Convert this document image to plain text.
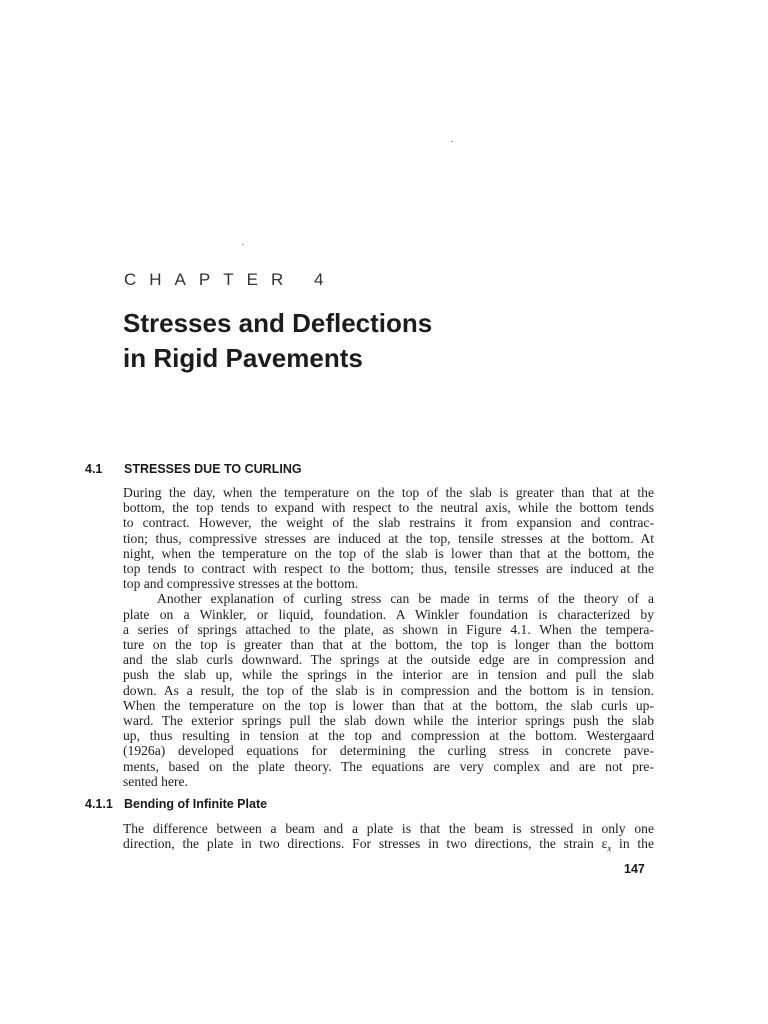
CHAPTER 4
Stresses and Deflections
in Rigid Pavements
4.1 STRESSES DUE TO CURLING
During the day, when the temperature on the top of the slab is greater than that at the
bottom, the top tends to expand with respect to the neutral axis, while the bottom tends
to contract. However, the weight of the slab restrains it from expansion and contrac-
tion; thus, compressive stresses are induced at the top, tensile stresses at the bottom. At
night, when the temperature on the top of the slab is lower than that at the bottom, the
top tends to contract with respect to the bottom; thus, tensile stresses are induced at the
top and compressive stresses at the bottom.
Another explanation of curling stress can be made in terms of the theory of a
plate on a Winkler, or liquid, foundation. A Winkler foundation is characterized by
a series of springs attached to the plate, as shown in Figure 4.1. When the tempera-
ture on the top is greater than that at the bottom, the top is longer than the bottom
and the slab curls downward. The springs at the outside edge are in compression and
push the slab up, while the springs in the interior are in tension and pull the slab
down. As a result, the top of the slab is in compression and the bottom is in tension.
When the temperature on the top is lower than that at the bottom, the slab curls up-
ward. The exterior springs pull the slab down while the interior springs push the slab
up, thus resulting in tension at the top and compression at the bottom. Westergaard
(1926a) developed equations for determining the curling stress in concrete pave-
ments, based on the plate theory. The equations are very complex and are not pre-
sented here.
4.1.1 Bending of Infinite Plate
The difference between a beam and a plate is that the beam is stressed in only one
direction, the plate in two directions. For stresses in two directions, the strain $\varepsilon_x$ in the
147
